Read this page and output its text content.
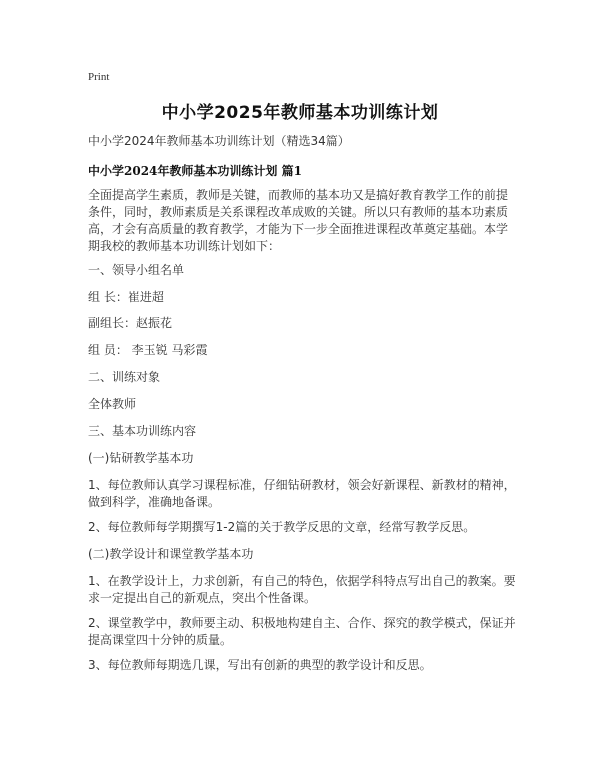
Print
中小学2025年教师基本功训练计划
中小学2024年教师基本功训练计划（精选34篇）
中小学2024年教师基本功训练计划 篇1
全面提高学生素质，教师是关键，而教师的基本功又是搞好教育教学工作的前提条件，同时，教师素质是关系课程改革成败的关键。所以只有教师的基本功素质高，才会有高质量的教育教学，才能为下一步全面推进课程改革奠定基础。本学期我校的教师基本功训练计划如下：
一、领导小组名单
组 长：崔进超
副组长：赵振花
组 员： 李玉锐 马彩霞
二、训练对象
全体教师
三、基本功训练内容
(一)钻研教学基本功
1、每位教师认真学习课程标准，仔细钻研教材，领会好新课程、新教材的精神，做到科学，准确地备课。
2、每位教师每学期撰写1-2篇的关于教学反思的文章，经常写教学反思。
(二)教学设计和课堂教学基本功
1、在教学设计上，力求创新，有自己的特色，依据学科特点写出自己的教案。要求一定提出自己的新观点，突出个性备课。
2、课堂教学中，教师要主动、积极地构建自主、合作、探究的教学模式，保证并提高课堂四十分钟的质量。
3、每位教师每期选几课，写出有创新的典型的教学设计和反思。
